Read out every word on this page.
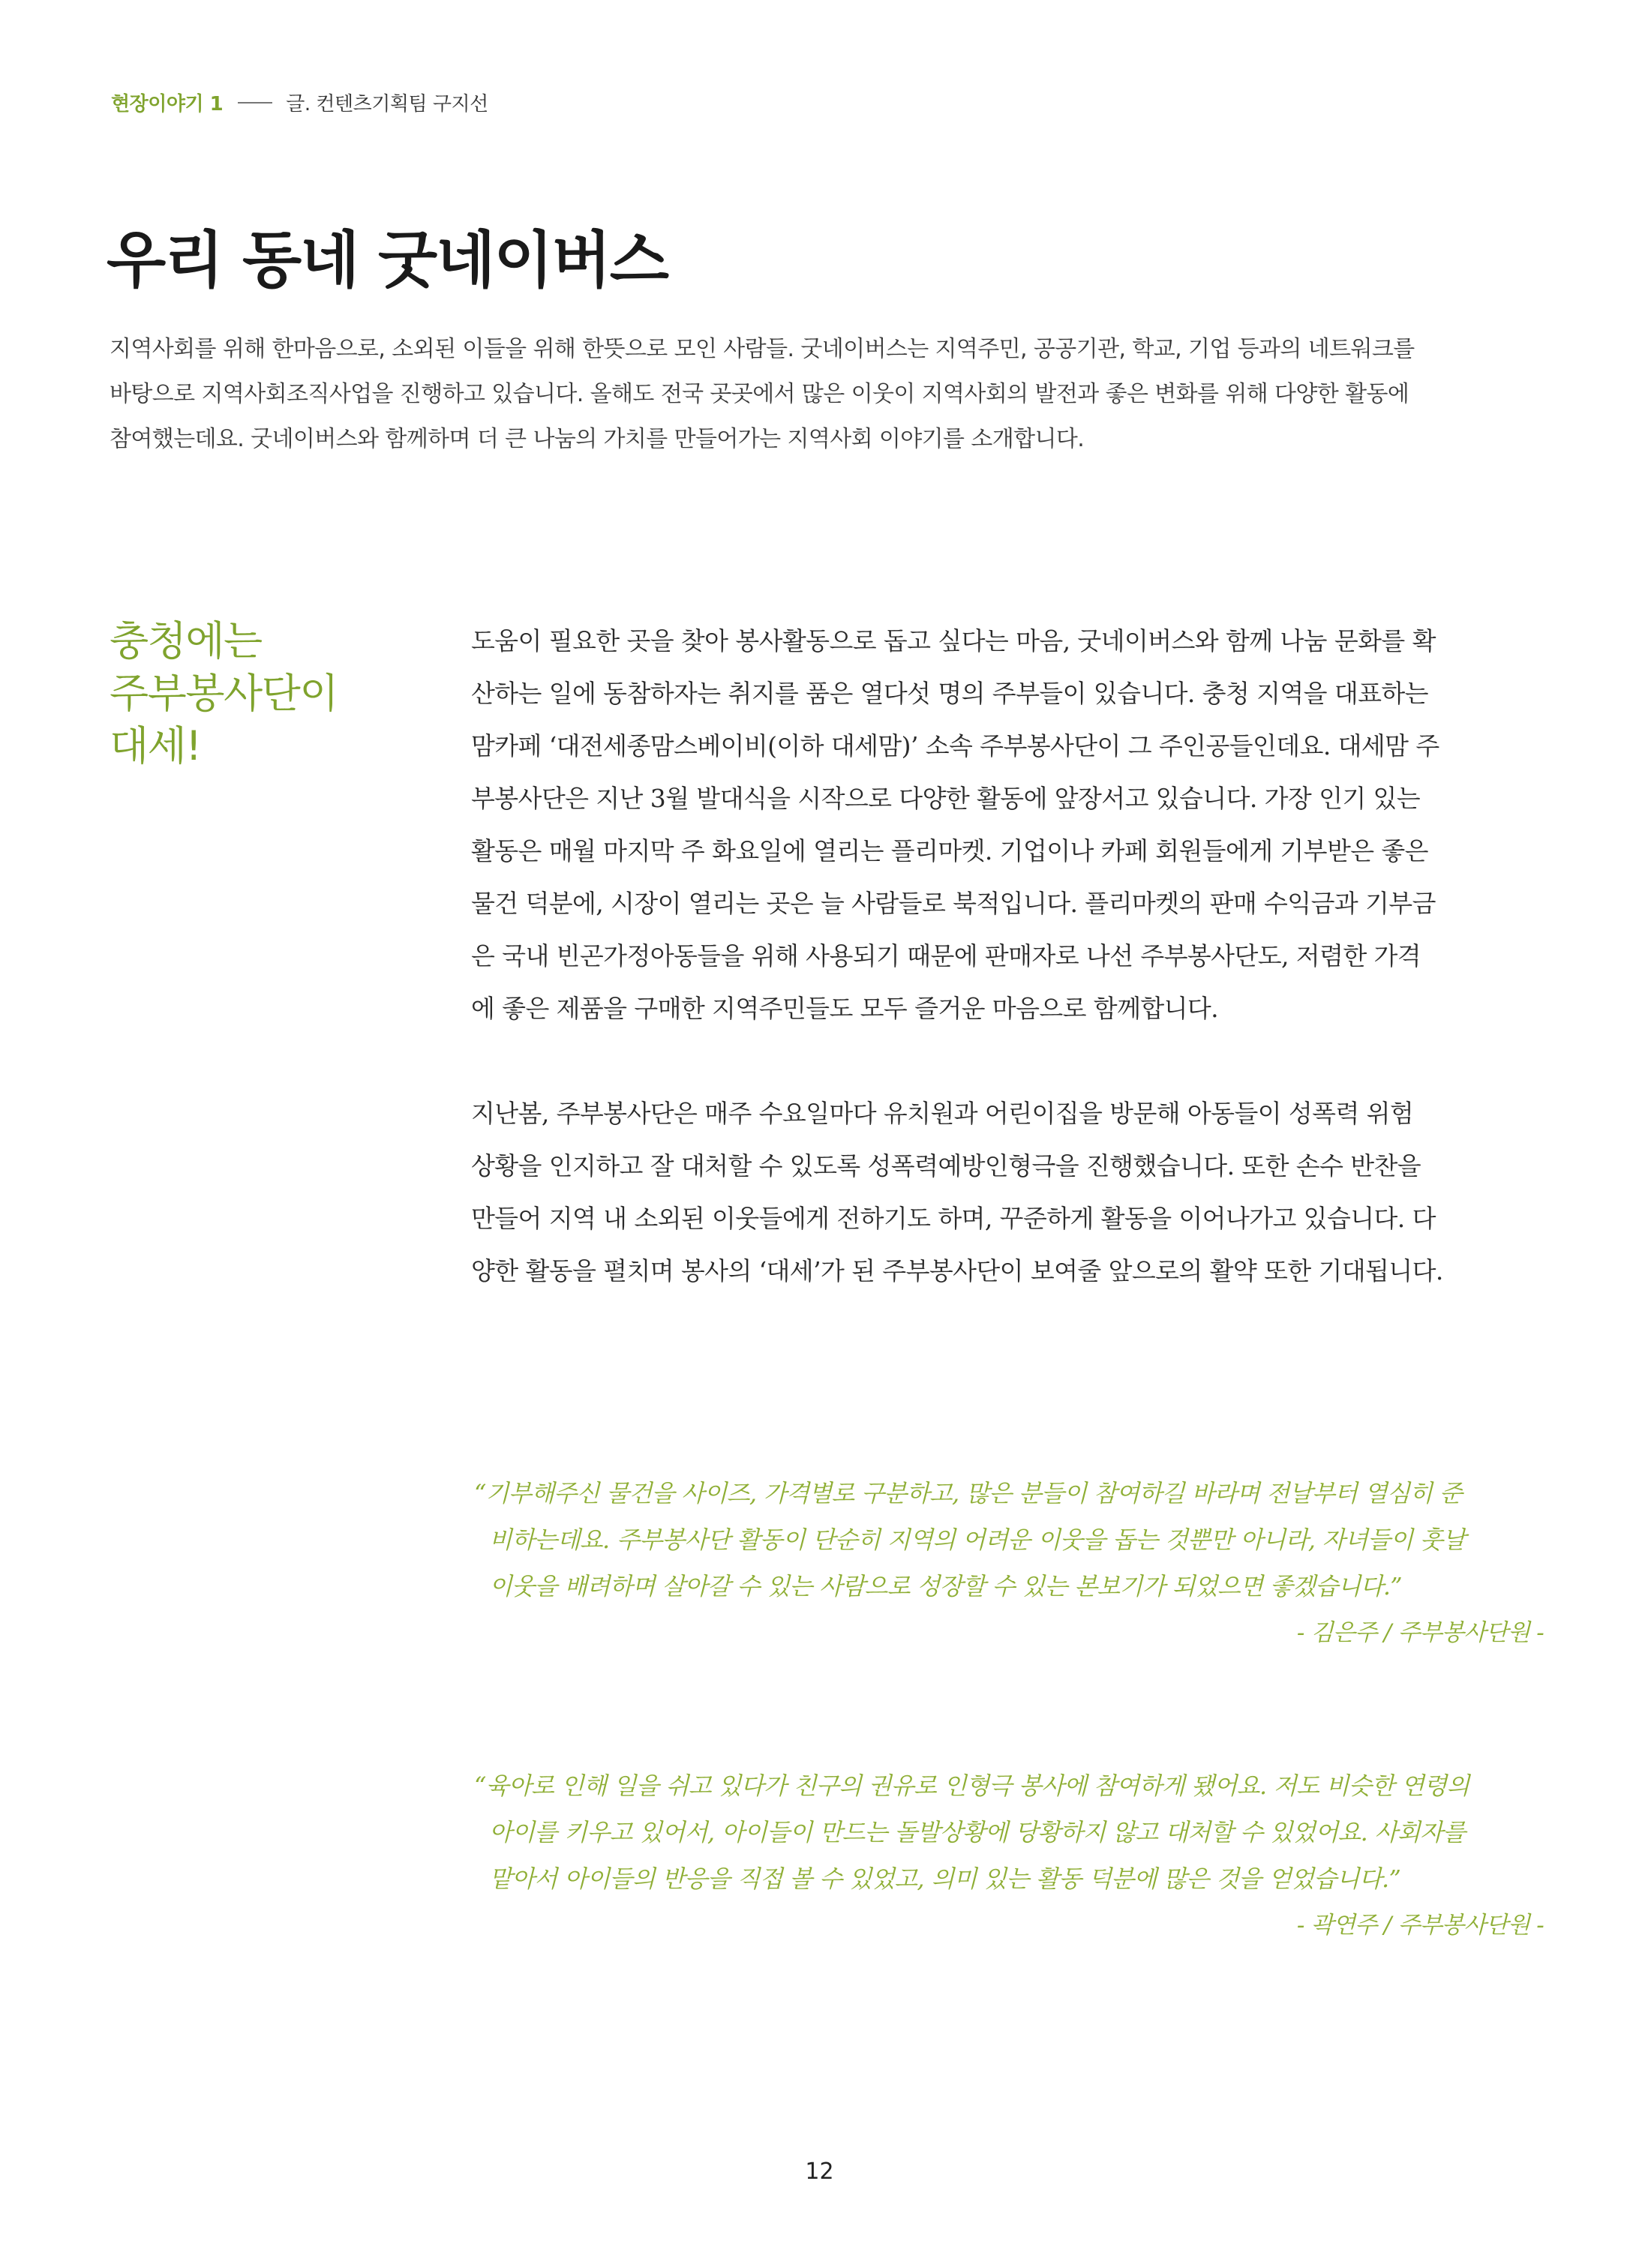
현장이야기 1	글. 컨텐츠기획팀 구지선
우리 동네 굿네이버스

지역사회를 위해 한마음으로, 소외된 이들을 위해 한뜻으로 모인 사람들. 굿네이버스는 지역주민, 공공기관, 학교, 기업 등과의 네트워크를

바탕으로 지역사회조직사업을 진행하고 있습니다. 올해도 전국 곳곳에서 많은 이웃이 지역사회의 발전과 좋은 변화를 위해 다양한 활동에

참여했는데요. 굿네이버스와 함께하며 더 큰 나눔의 가치를 만들어가는 지역사회 이야기를 소개합니다.

충청에는
주부봉사단이
대세!

도움이 필요한 곳을 찾아 봉사활동으로 돕고 싶다는 마음, 굿네이버스와 함께 나눔 문화를 확

산하는 일에 동참하자는 취지를 품은 열다섯 명의 주부들이 있습니다. 충청 지역을 대표하는

맘카페 ‘대전세종맘스베이비(이하 대세맘)’ 소속 주부봉사단이 그 주인공들인데요. 대세맘 주

부봉사단은 지난 3월 발대식을 시작으로 다양한 활동에 앞장서고 있습니다. 가장 인기 있는

활동은 매월 마지막 주 화요일에 열리는 플리마켓. 기업이나 카페 회원들에게 기부받은 좋은

물건 덕분에, 시장이 열리는 곳은 늘 사람들로 북적입니다. 플리마켓의 판매 수익금과 기부금

은 국내 빈곤가정아동들을 위해 사용되기 때문에 판매자로 나선 주부봉사단도, 저렴한 가격

에 좋은 제품을 구매한 지역주민들도 모두 즐거운 마음으로 함께합니다.

지난봄, 주부봉사단은 매주 수요일마다 유치원과 어린이집을 방문해 아동들이 성폭력 위험

상황을 인지하고 잘 대처할 수 있도록 성폭력예방인형극을 진행했습니다. 또한 손수 반찬을

만들어 지역 내 소외된 이웃들에게 전하기도 하며, 꾸준하게 활동을 이어나가고 있습니다. 다

양한 활동을 펼치며 봉사의 ‘대세’가 된 주부봉사단이 보여줄 앞으로의 활약 또한 기대됩니다.

“기부해주신 물건을 사이즈, 가격별로 구분하고, 많은 분들이 참여하길 바라며 전날부터 열심히 준

비하는데요. 주부봉사단 활동이 단순히 지역의 어려운 이웃을 돕는 것뿐만 아니라, 자녀들이 훗날

이웃을 배려하며 살아갈 수 있는 사람으로 성장할 수 있는 본보기가 되었으면 좋겠습니다.”

- 김은주 / 주부봉사단원 -

“육아로 인해 일을 쉬고 있다가 친구의 권유로 인형극 봉사에 참여하게 됐어요. 저도 비슷한 연령의

아이를 키우고 있어서, 아이들이 만드는 돌발상황에 당황하지 않고 대처할 수 있었어요. 사회자를

맡아서 아이들의 반응을 직접 볼 수 있었고, 의미 있는 활동 덕분에 많은 것을 얻었습니다.”

- 곽연주 / 주부봉사단원 -

12
